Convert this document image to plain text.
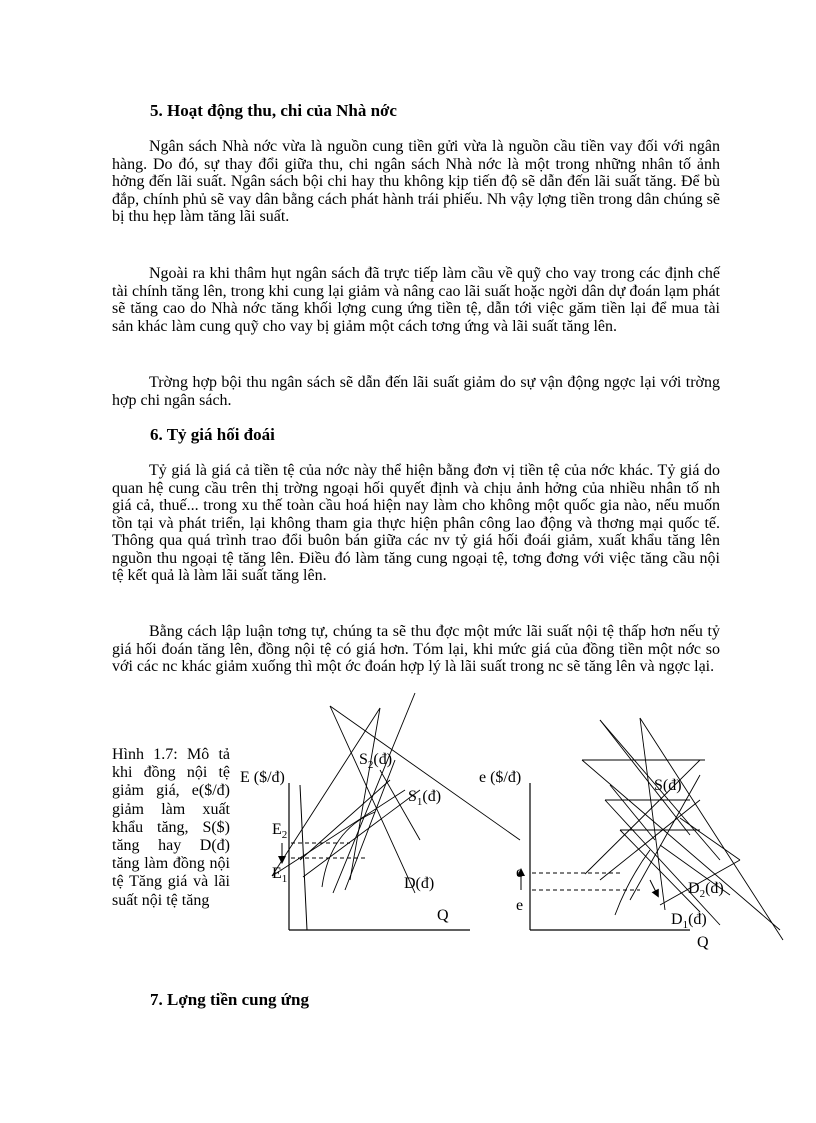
5. Hoạt động thu, chi của Nhà nớc

Ngân sách Nhà nớc vừa là nguồn cung tiền gửi vừa là nguồn cầu tiền vay đối với ngân hàng. Do đó, sự thay đổi giữa thu, chi ngân sách Nhà nớc là một trong những nhân tố ảnh hởng đến lãi suất. Ngân sách bội chi hay thu không kịp tiến độ sẽ dẫn đến lãi suất tăng. Để bù đắp, chính phủ sẽ vay dân bằng cách phát hành trái phiếu. Nh vậy lợng tiền trong dân chúng sẽ bị thu hẹp làm tăng lãi suất.

Ngoài ra khi thâm hụt ngân sách đã trực tiếp làm cầu về quỹ cho vay trong các định chế tài chính tăng lên, trong khi cung lại giảm và nâng cao lãi suất hoặc ngời dân dự đoán lạm phát sẽ tăng cao do Nhà nớc tăng khối lợng cung ứng tiền tệ, dẫn tới việc găm tiền lại để mua tài sản khác làm cung quỹ cho vay bị giảm một cách tơng ứng và lãi suất tăng lên.

Trờng hợp bội thu ngân sách sẽ dẫn đến lãi suất giảm do sự vận động ngợc lại với trờng hợp chi ngân sách.

6. Tỷ giá hối đoái

Tỷ giá là giá cả tiền tệ của nớc này thể hiện bằng đơn vị tiền tệ của nớc khác. Tỷ giá do quan hệ cung cầu trên thị trờng ngoại hối quyết định và chịu ảnh hởng của nhiều nhân tố nh giá cả, thuế... trong xu thế toàn cầu hoá hiện nay làm cho không một quốc gia nào, nếu muốn tồn tại và phát triển, lại không tham gia thực hiện phân công lao động và thơng mại quốc tế. Thông qua quá trình trao đổi buôn bán giữa các nv tỷ giá hối đoái giảm, xuất khẩu tăng lên nguồn thu ngoại tệ tăng lên. Điều đó làm tăng cung ngoại tệ, tơng đơng với việc tăng cầu nội tệ kết quả là làm lãi suất tăng lên.

Bằng cách lập luận tơng tự, chúng ta sẽ thu đợc một mức lãi suất nội tệ thấp hơn nếu tỷ giá hối đoán tăng lên, đồng nội tệ có giá hơn. Tóm lại, khi mức giá của đồng tiền một nớc so với các nc khác giảm xuống thì một ớc đoán hợp lý là lãi suất trong nc sẽ tăng lên và ngợc lại.

Hình 1.7: Mô tả khi đồng nội tệ giảm giá, e($/đ) giảm làm xuất khẩu tăng, S($) tăng hay D(đ) tăng làm đồng nội tệ Tăng giá và lãi suất nội tệ tăng

E ($/đ)
Q
$S_2(đ)$
$S_1(đ)$
$E_2$
$E_1$	D(đ)
e ($/đ)
Q
S(đ)
$D_2(đ)$
$D_1(đ)$
e
e
7. Lợng tiền cung ứng
